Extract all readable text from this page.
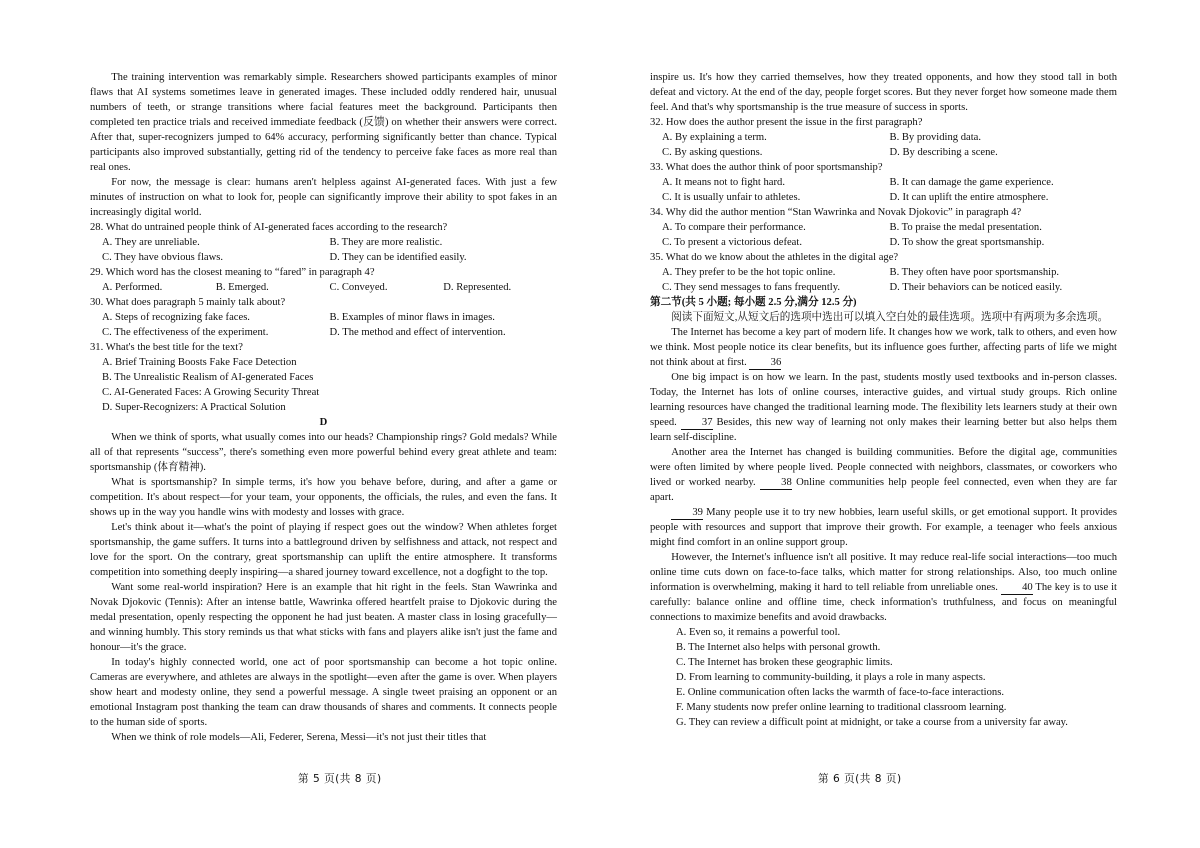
The training intervention was remarkably simple. Researchers showed participants examples of minor flaws that AI systems sometimes leave in generated images. These included oddly rendered hair, unusual numbers of teeth, or strange transitions where facial features meet the background. Participants then completed ten practice trials and received immediate feedback (反馈) on whether their answers were correct. After that, super-recognizers jumped to 64% accuracy, performing significantly better than chance. Typical participants also improved substantially, getting rid of the tendency to perceive fake faces as more real than real ones.

For now, the message is clear: humans aren't helpless against AI-generated faces. With just a few minutes of instruction on what to look for, people can significantly improve their ability to spot fakes in an increasingly digital world.

28. What do untrained people think of AI-generated faces according to the research?

A. They are unreliable.	B. They are more realistic.
C. They have obvious flaws.	D. They can be identified easily.

29. Which word has the closest meaning to “fared” in paragraph 4?

A. Performed.	B. Emerged.	C. Conveyed.	D. Represented.

30. What does paragraph 5 mainly talk about?

A. Steps of recognizing fake faces.	B. Examples of minor flaws in images.
C. The effectiveness of the experiment.	D. The method and effect of intervention.

31. What's the best title for the text?

A. Brief Training Boosts Fake Face Detection
B. The Unrealistic Realism of AI-generated Faces
C. AI-Generated Faces: A Growing Security Threat
D. Super-Recognizers: A Practical Solution

D

When we think of sports, what usually comes into our heads? Championship rings? Gold medals? While all of that represents “success”, there's something even more powerful behind every great athlete and team: sportsmanship (体育精神).

What is sportsmanship? In simple terms, it's how you behave before, during, and after a game or competition. It's about respect—for your team, your opponents, the officials, the rules, and even the fans. It shows up in the way you handle wins with modesty and losses with grace.

Let's think about it—what's the point of playing if respect goes out the window? When athletes forget sportsmanship, the game suffers. It turns into a battleground driven by selfishness and attack, not respect and love for the sport. On the contrary, great sportsmanship can uplift the entire atmosphere. It transforms competition into something deeply inspiring—a shared journey toward excellence, not a dogfight to the top.

Want some real-world inspiration? Here is an example that hit right in the feels. Stan Wawrinka and Novak Djokovic (Tennis): After an intense battle, Wawrinka offered heartfelt praise to Djokovic during the medal presentation, openly respecting the opponent he had just beaten. A master class in losing gracefully—and winning humbly. This story reminds us that what sticks with fans and players alike isn't just the fame and honour—it's the grace.

In today's highly connected world, one act of poor sportsmanship can become a hot topic online. Cameras are everywhere, and athletes are always in the spotlight—even after the game is over. When players show heart and modesty online, they send a powerful message. A single tweet praising an opponent or an emotional Instagram post thanking the team can draw thousands of shares and comments. It connects people to the human side of sports.

When we think of role models—Ali, Federer, Serena, Messi—it's not just their titles that

第 5 页(共 8 页)

inspire us. It's how they carried themselves, how they treated opponents, and how they stood tall in both defeat and victory. At the end of the day, people forget scores. But they never forget how someone made them feel. And that's why sportsmanship is the true measure of success in sports.

32. How does the author present the issue in the first paragraph?

A. By explaining a term.	B. By providing data.
C. By asking questions.	D. By describing a scene.

33. What does the author think of poor sportsmanship?

A. It means not to fight hard.	B. It can damage the game experience.
C. It is usually unfair to athletes.	D. It can uplift the entire atmosphere.

34. Why did the author mention “Stan Wawrinka and Novak Djokovic” in paragraph 4?

A. To compare their performance.	B. To praise the medal presentation.
C. To present a victorious defeat.	D. To show the great sportsmanship.

35. What do we know about the athletes in the digital age?

A. They prefer to be the hot topic online.	B. They often have poor sportsmanship.
C. They send messages to fans frequently.	D. Their behaviors can be noticed easily.

第二节(共 5 小题; 每小题 2.5 分,满分 12.5 分)

阅读下面短文,从短文后的选项中选出可以填入空白处的最佳选项。选项中有两项为多余选项。

The Internet has become a key part of modern life. It changes how we work, talk to others, and even how we think. Most people notice its clear benefits, but its influence goes further, affecting parts of life we might not think about at first. 36

One big impact is on how we learn. In the past, students mostly used textbooks and in-person classes. Today, the Internet has lots of online courses, interactive guides, and virtual study groups. Rich online learning resources have changed the traditional learning mode. The flexibility lets learners study at their own speed. 37 Besides, this new way of learning not only makes their learning better but also helps them learn self-discipline.

Another area the Internet has changed is building communities. Before the digital age, communities were often limited by where people lived. People connected with neighbors, classmates, or coworkers who lived or worked nearby. 38 Online communities help people feel connected, even when they are far apart.

39 Many people use it to try new hobbies, learn useful skills, or get emotional support. It provides people with resources and support that improve their growth. For example, a teenager who feels anxious might find comfort in an online support group.

However, the Internet's influence isn't all positive. It may reduce real-life social interactions—too much online time cuts down on face-to-face talks, which matter for strong relationships. Also, too much online information is overwhelming, making it hard to tell reliable from unreliable ones. 40 The key is to use it carefully: balance online and offline time, check information's truthfulness, and focus on meaningful connections to maximize benefits and avoid drawbacks.

A. Even so, it remains a powerful tool.
B. The Internet also helps with personal growth.
C. The Internet has broken these geographic limits.
D. From learning to community-building, it plays a role in many aspects.
E. Online communication often lacks the warmth of face-to-face interactions.
F. Many students now prefer online learning to traditional classroom learning.
G. They can review a difficult point at midnight, or take a course from a university far away.
第 6 页(共 8 页)
